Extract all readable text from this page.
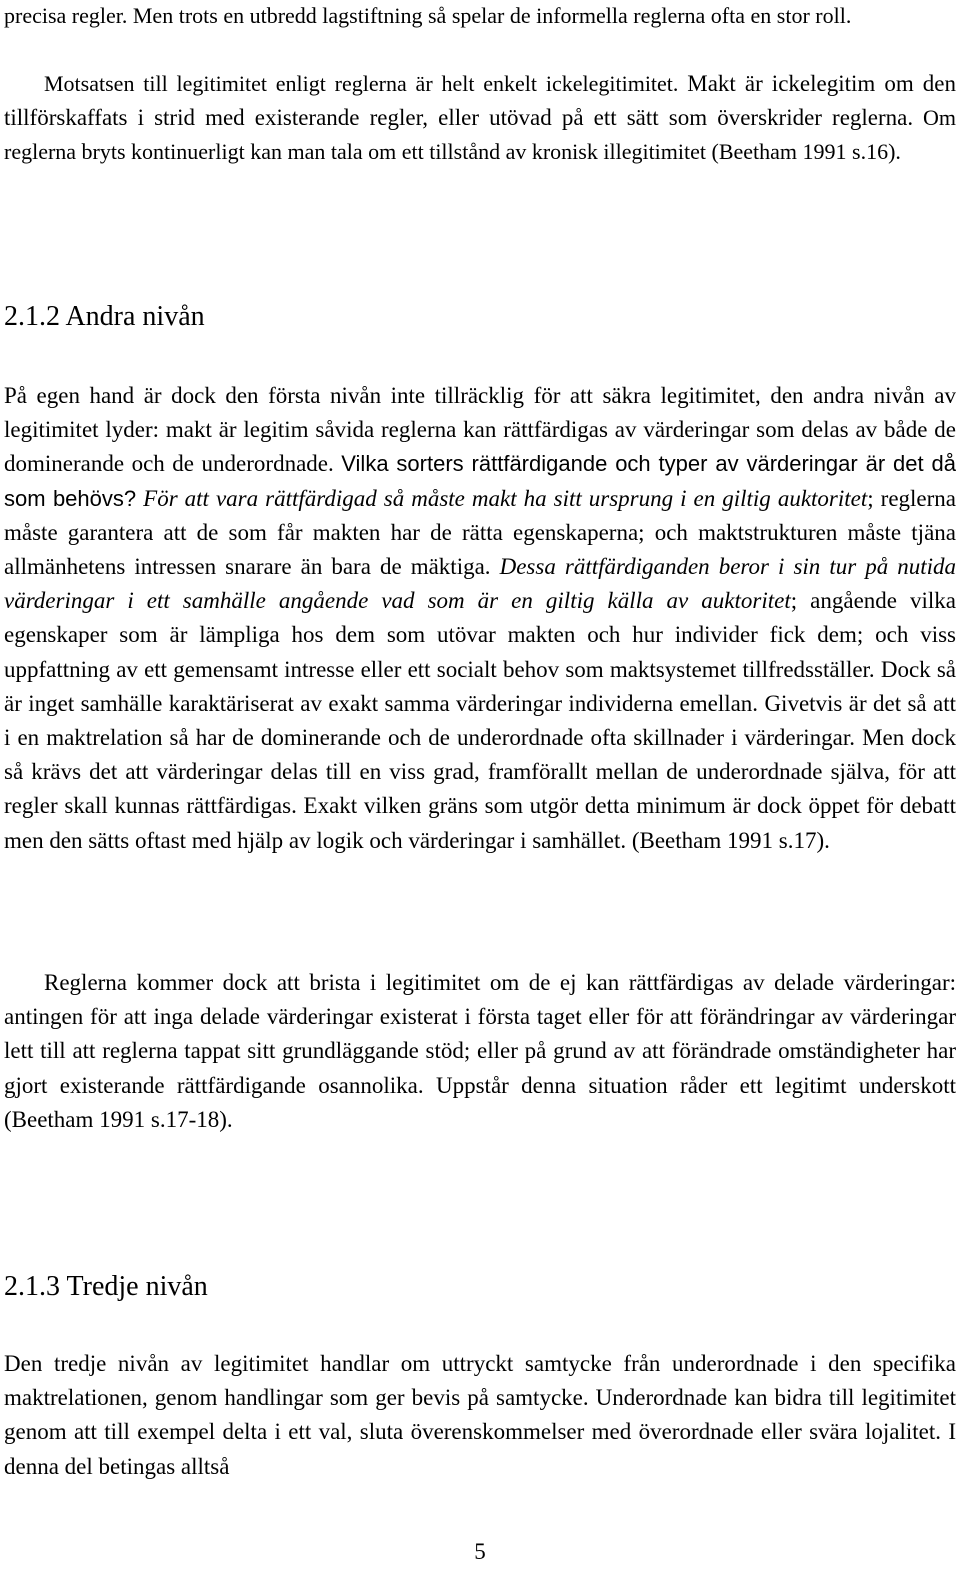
precisa regler. Men trots en utbredd lagstiftning så spelar de informella reglerna ofta en stor roll.

Motsatsen till legitimitet enligt reglerna är helt enkelt ickelegitimitet. Makt är ickelegitim om den tillförskaffats i strid med existerande regler, eller utövad på ett sätt som överskrider reglerna. Om reglerna bryts kontinuerligt kan man tala om ett tillstånd av kronisk illegitimitet (Beetham 1991 s.16).

2.1.2 Andra nivån

På egen hand är dock den första nivån inte tillräcklig för att säkra legitimitet, den andra nivån av legitimitet lyder: makt är legitim såvida reglerna kan rättfärdigas av värderingar som delas av både de dominerande och de underordnade. Vilka sorters rättfärdigande och typer av värderingar är det då som behövs? För att vara rättfärdigad så måste makt ha sitt ursprung i en giltig auktoritet; reglerna måste garantera att de som får makten har de rätta egenskaperna; och maktstrukturen måste tjäna allmänhetens intressen snarare än bara de mäktiga. Dessa rättfärdiganden beror i sin tur på nutida värderingar i ett samhälle angående vad som är en giltig källa av auktoritet; angående vilka egenskaper som är lämpliga hos dem som utövar makten och hur individer fick dem; och viss uppfattning av ett gemensamt intresse eller ett socialt behov som maktsystemet tillfredsställer. Dock så är inget samhälle karaktäriserat av exakt samma värderingar individerna emellan. Givetvis är det så att i en maktrelation så har de dominerande och de underordnade ofta skillnader i värderingar. Men dock så krävs det att värderingar delas till en viss grad, framförallt mellan de underordnade själva, för att regler skall kunnas rättfärdigas. Exakt vilken gräns som utgör detta minimum är dock öppet för debatt men den sätts oftast med hjälp av logik och värderingar i samhället. (Beetham 1991 s.17).

Reglerna kommer dock att brista i legitimitet om de ej kan rättfärdigas av delade värderingar: antingen för att inga delade värderingar existerat i första taget eller för att förändringar av värderingar lett till att reglerna tappat sitt grundläggande stöd; eller på grund av att förändrade omständigheter har gjort existerande rättfärdigande osannolika. Uppstår denna situation råder ett legitimt underskott (Beetham 1991 s.17-18).

2.1.3 Tredje nivån

Den tredje nivån av legitimitet handlar om uttryckt samtycke från underordnade i den specifika maktrelationen, genom handlingar som ger bevis på samtycke. Underordnade kan bidra till legitimitet genom att till exempel delta i ett val, sluta överenskommelser med överordnade eller svära lojalitet. I denna del betingas alltså

5
